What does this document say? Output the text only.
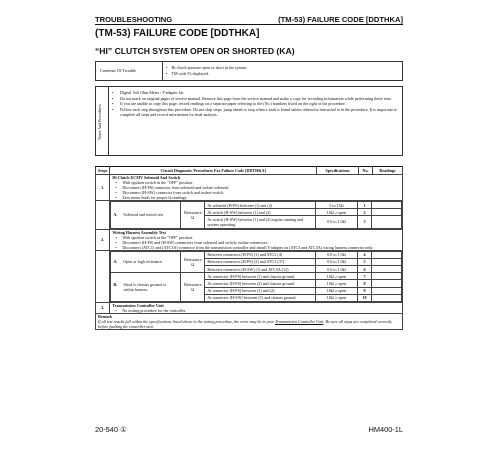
TROUBLESHOOTING	(TM-53) FAILURE CODE [DDTHKA]
(TM-53) FAILURE CODE [DDTHKA]
“HI” CLUTCH SYSTEM OPEN OR SHORTED (KA)
Contents Of Trouble
• Hi clutch pressure open or short in the system.
• TM code 53 displayed.
Notes And Procedures
• Digital Volt Ohm Meter / T-adapter kit.
• Do not mark on original pages of service manual. Remove this page from the service manual and make a copy for recording information while performing these tests.
• If you are unable to copy this page, record readings on a separate paper referring to the (No.) numbers listed on the right of the procedure.
• Follow each step throughout this procedure. Do not skip steps, jump ahead or stop when a fault is found unless otherwise instructed to in the procedure. It is important to complete all steps and record information for final analysis.
Steps	Circuit Diagnostic Procedures For Failure Code [DDTHKA]	Specifications	No.	Readings
1.	
Hi Clutch ECMV Solenoid And Switch
• With ignition switch in the "OFF" position.
• Disconnect (H-PS) connector from solenoid and isolate solenoid.
• Disconnect (H-SW) connector from switch and isolate switch.
• Zero meter leads for proper Ω readings.

A. Solenoid and switch test	Resistance Ω	At solenoid (H-PS) between (1) and (2)	5 to 15Ω	1	
At switch (H-SW) between (1) and (2)	10Ω ≥ open	2	
At switch (H-SW) between (1) and (2) engine running and system operating.	0.0 to 1.0Ω	3	

2.	
Wiring Harness Assembly Test
• With ignition switch in the "OFF" position.
• Disconnect (H-PS) and (H-SW) connectors from solenoid and switch; isolate connectors.
• Disconnect (ATC1) and (ATC3A) connector from the transmission controller and install T-adapter on (ATC3 and ATC3A) wiring harness connector only.

A. Open or high resistance	Resistance Ω	Between connectors (H-PS) (1) and ATC3 (4)	0.0 to 1.0Ω	4	
Between connectors (H-PS) (2) and ATC3 (37)	0.0 to 1.0Ω	5	
Between connectors (H-SW) (1) and ATC3A (12)	0.0 to 1.0Ω	6	
B. Short to chassis ground or within harness.	Resistance Ω	At connector (H-PS) between (1) and chassis ground.	10Ω ≥ open	7	
At connector (H-PS) between (2) and chassis ground.	10Ω ≥ open	8	
At connector (H-PS) between (1) and (2).	10Ω ≥ open	9	
At connector (H-SW) between (1) and chassis ground.	10Ω ≥ open	10	

3.	Transmission Controller Unit
• No testing procedure for the controller.

Remark
If all test results fall within the specifications listed above in the testing procedure, the error may be in your Transmission Controller Unit. Be sure all steps are completed correctly before faulting the controller unit.
20-540 ①	HM400-1L
